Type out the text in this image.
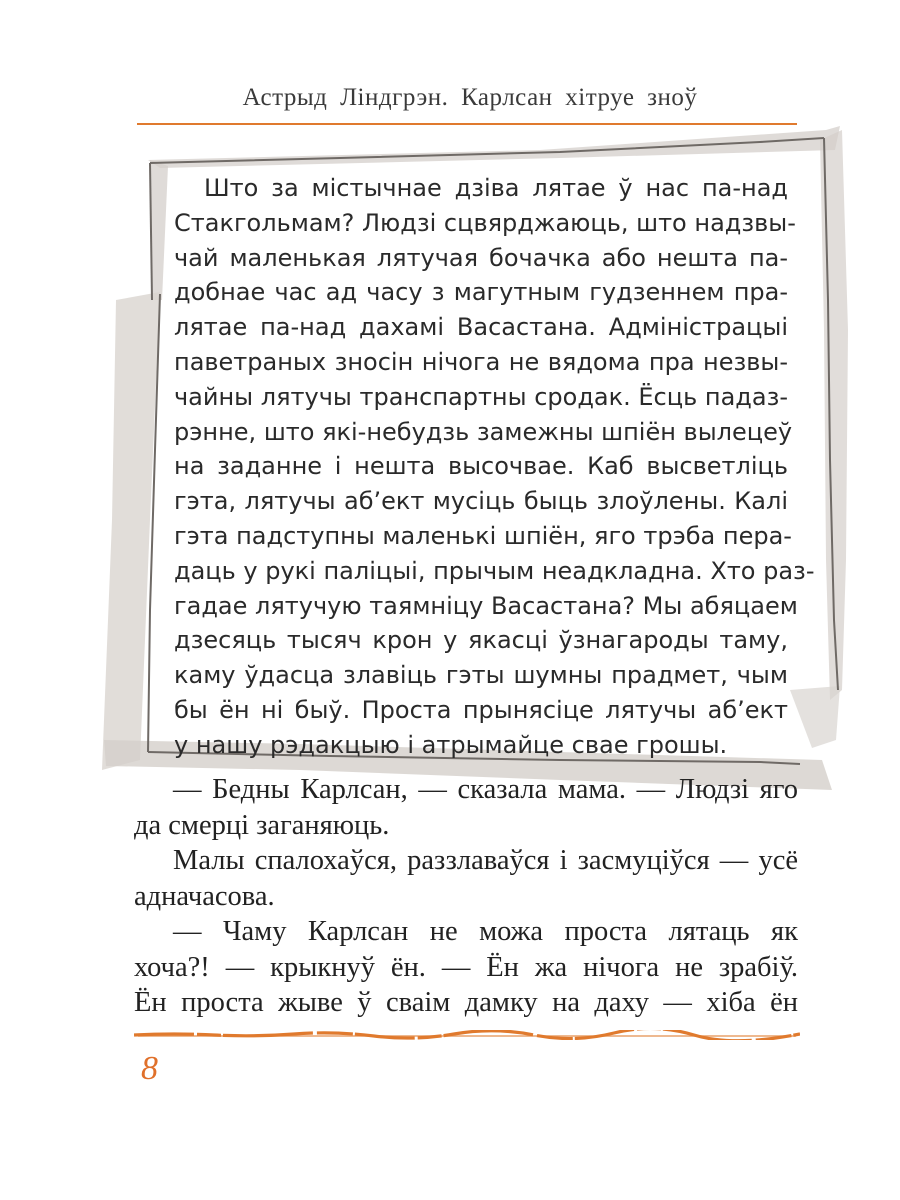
Астрыд Ліндгрэн. Карлсан хітруе зноў
Што за містычнае дзіва лятае ў нас па-над
Стакгольмам? Людзі сцвярджаюць, што надзвы-
чай маленькая лятучая бочачка або нешта па-
добнае час ад часу з магутным гудзеннем пра-
лятае па-над дахамі Васастана. Адміністрацыі
паветраных зносін нічога не вядома пра незвы-
чайны лятучы транспартны сродак. Ёсць падаз-
рэнне, што які-небудзь замежны шпіён вылецеў
на заданне і нешта высочвае. Каб высветліць
гэта, лятучы аб’ект мусіць быць злоўлены. Калі
гэта падступны маленькі шпіён, яго трэба пера-
даць у рукі паліцыі, прычым неадкладна. Хто раз-
гадае лятучую таямніцу Васастана? Мы абяцаем
дзесяць тысяч крон у якасці ўзнагароды таму,
каму ўдасца злавіць гэты шумны прадмет, чым
бы ён ні быў. Проста прынясіце лятучы аб’ект
у нашу рэдакцыю і атрымайце свае грошы.
— Бедны Карлсан, — сказала мама. — Людзі яго
да смерці заганяюць.
Малы спалохаўся, раззлаваўся і засмуціўся — усё
адначасова.
— Чаму Карлсан не можа проста лятаць як
хоча?! — крыкнуў ён. — Ён жа нічога не зрабіў.
Ён проста жыве ў сваім дамку на даху — хіба ён
8
